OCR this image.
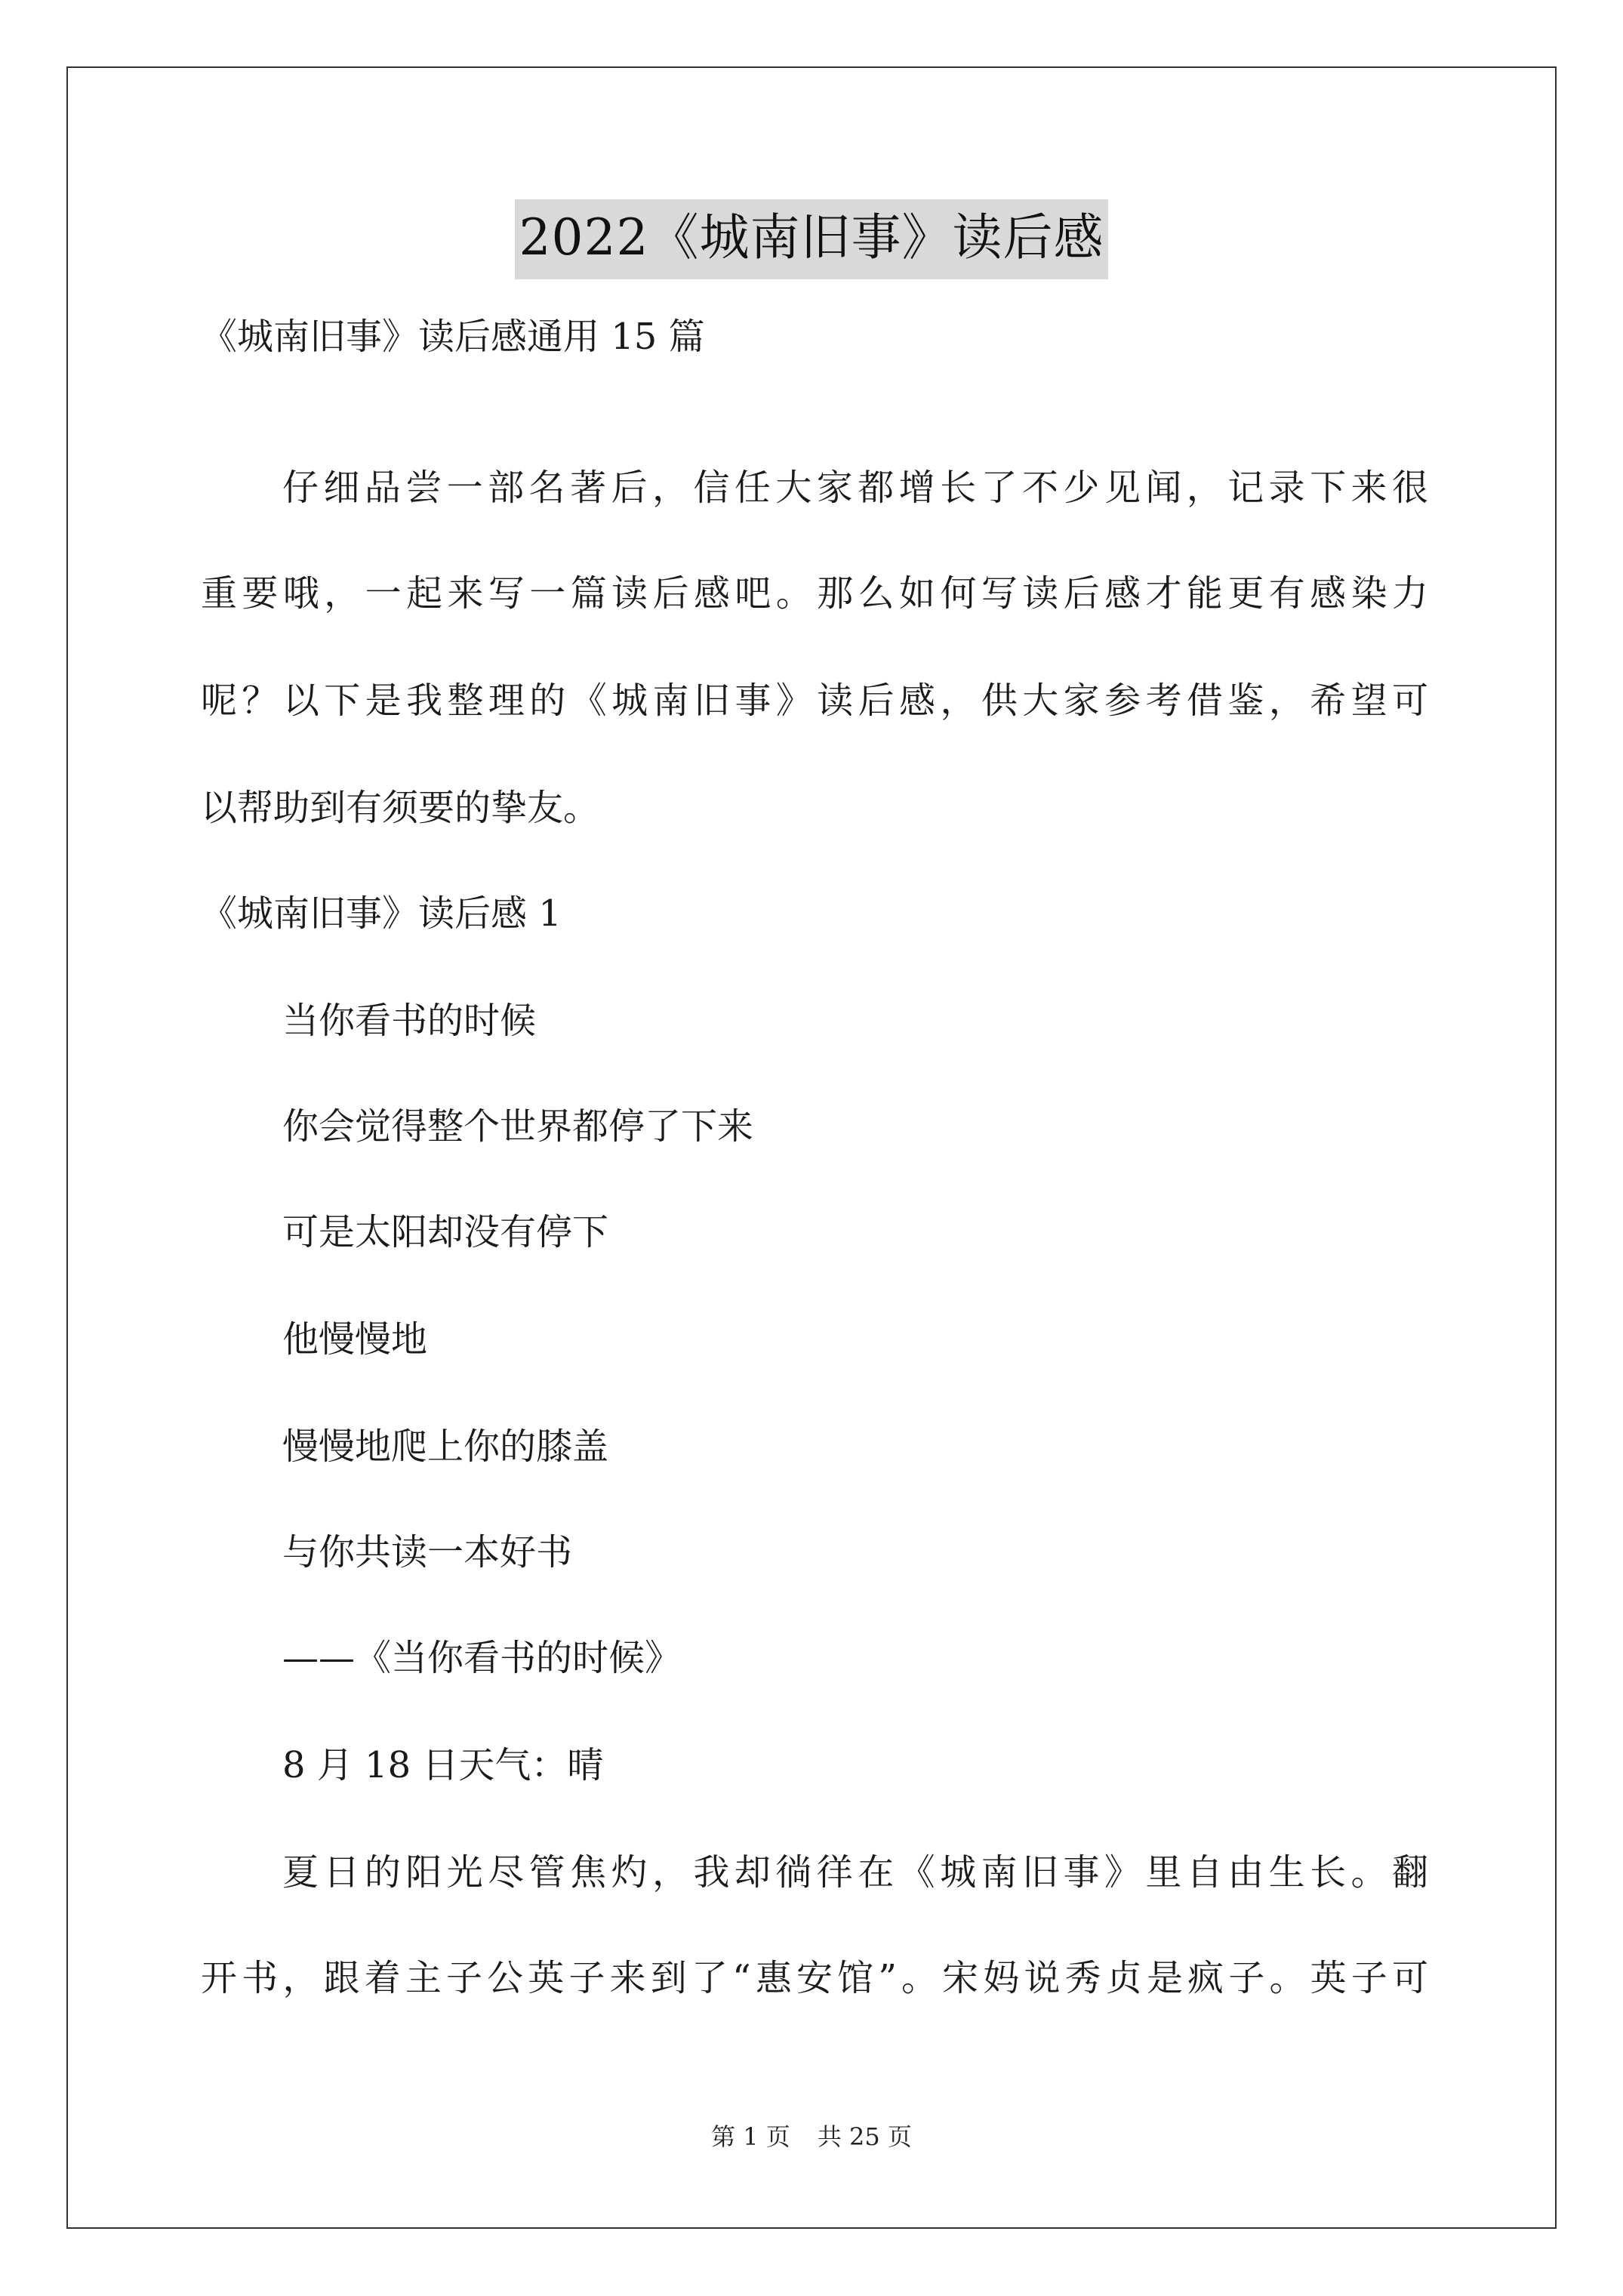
2022《城南旧事》读后感
《城南旧事》读后感通用 15 篇
仔细品尝一部名著后，信任大家都增长了不少见闻，记录下来很
重要哦，一起来写一篇读后感吧。那么如何写读后感才能更有感染力
呢？以下是我整理的《城南旧事》读后感，供大家参考借鉴，希望可
以帮助到有须要的挚友。
《城南旧事》读后感 1
当你看书的时候
你会觉得整个世界都停了下来
可是太阳却没有停下
他慢慢地
慢慢地爬上你的膝盖
与你共读一本好书
——《当你看书的时候》
8 月 18 日天气：晴
夏日的阳光尽管焦灼，我却徜徉在《城南旧事》里自由生长。翻
开书，跟着主子公英子来到了“惠安馆”。宋妈说秀贞是疯子。英子可
第 1 页 共 25 页
